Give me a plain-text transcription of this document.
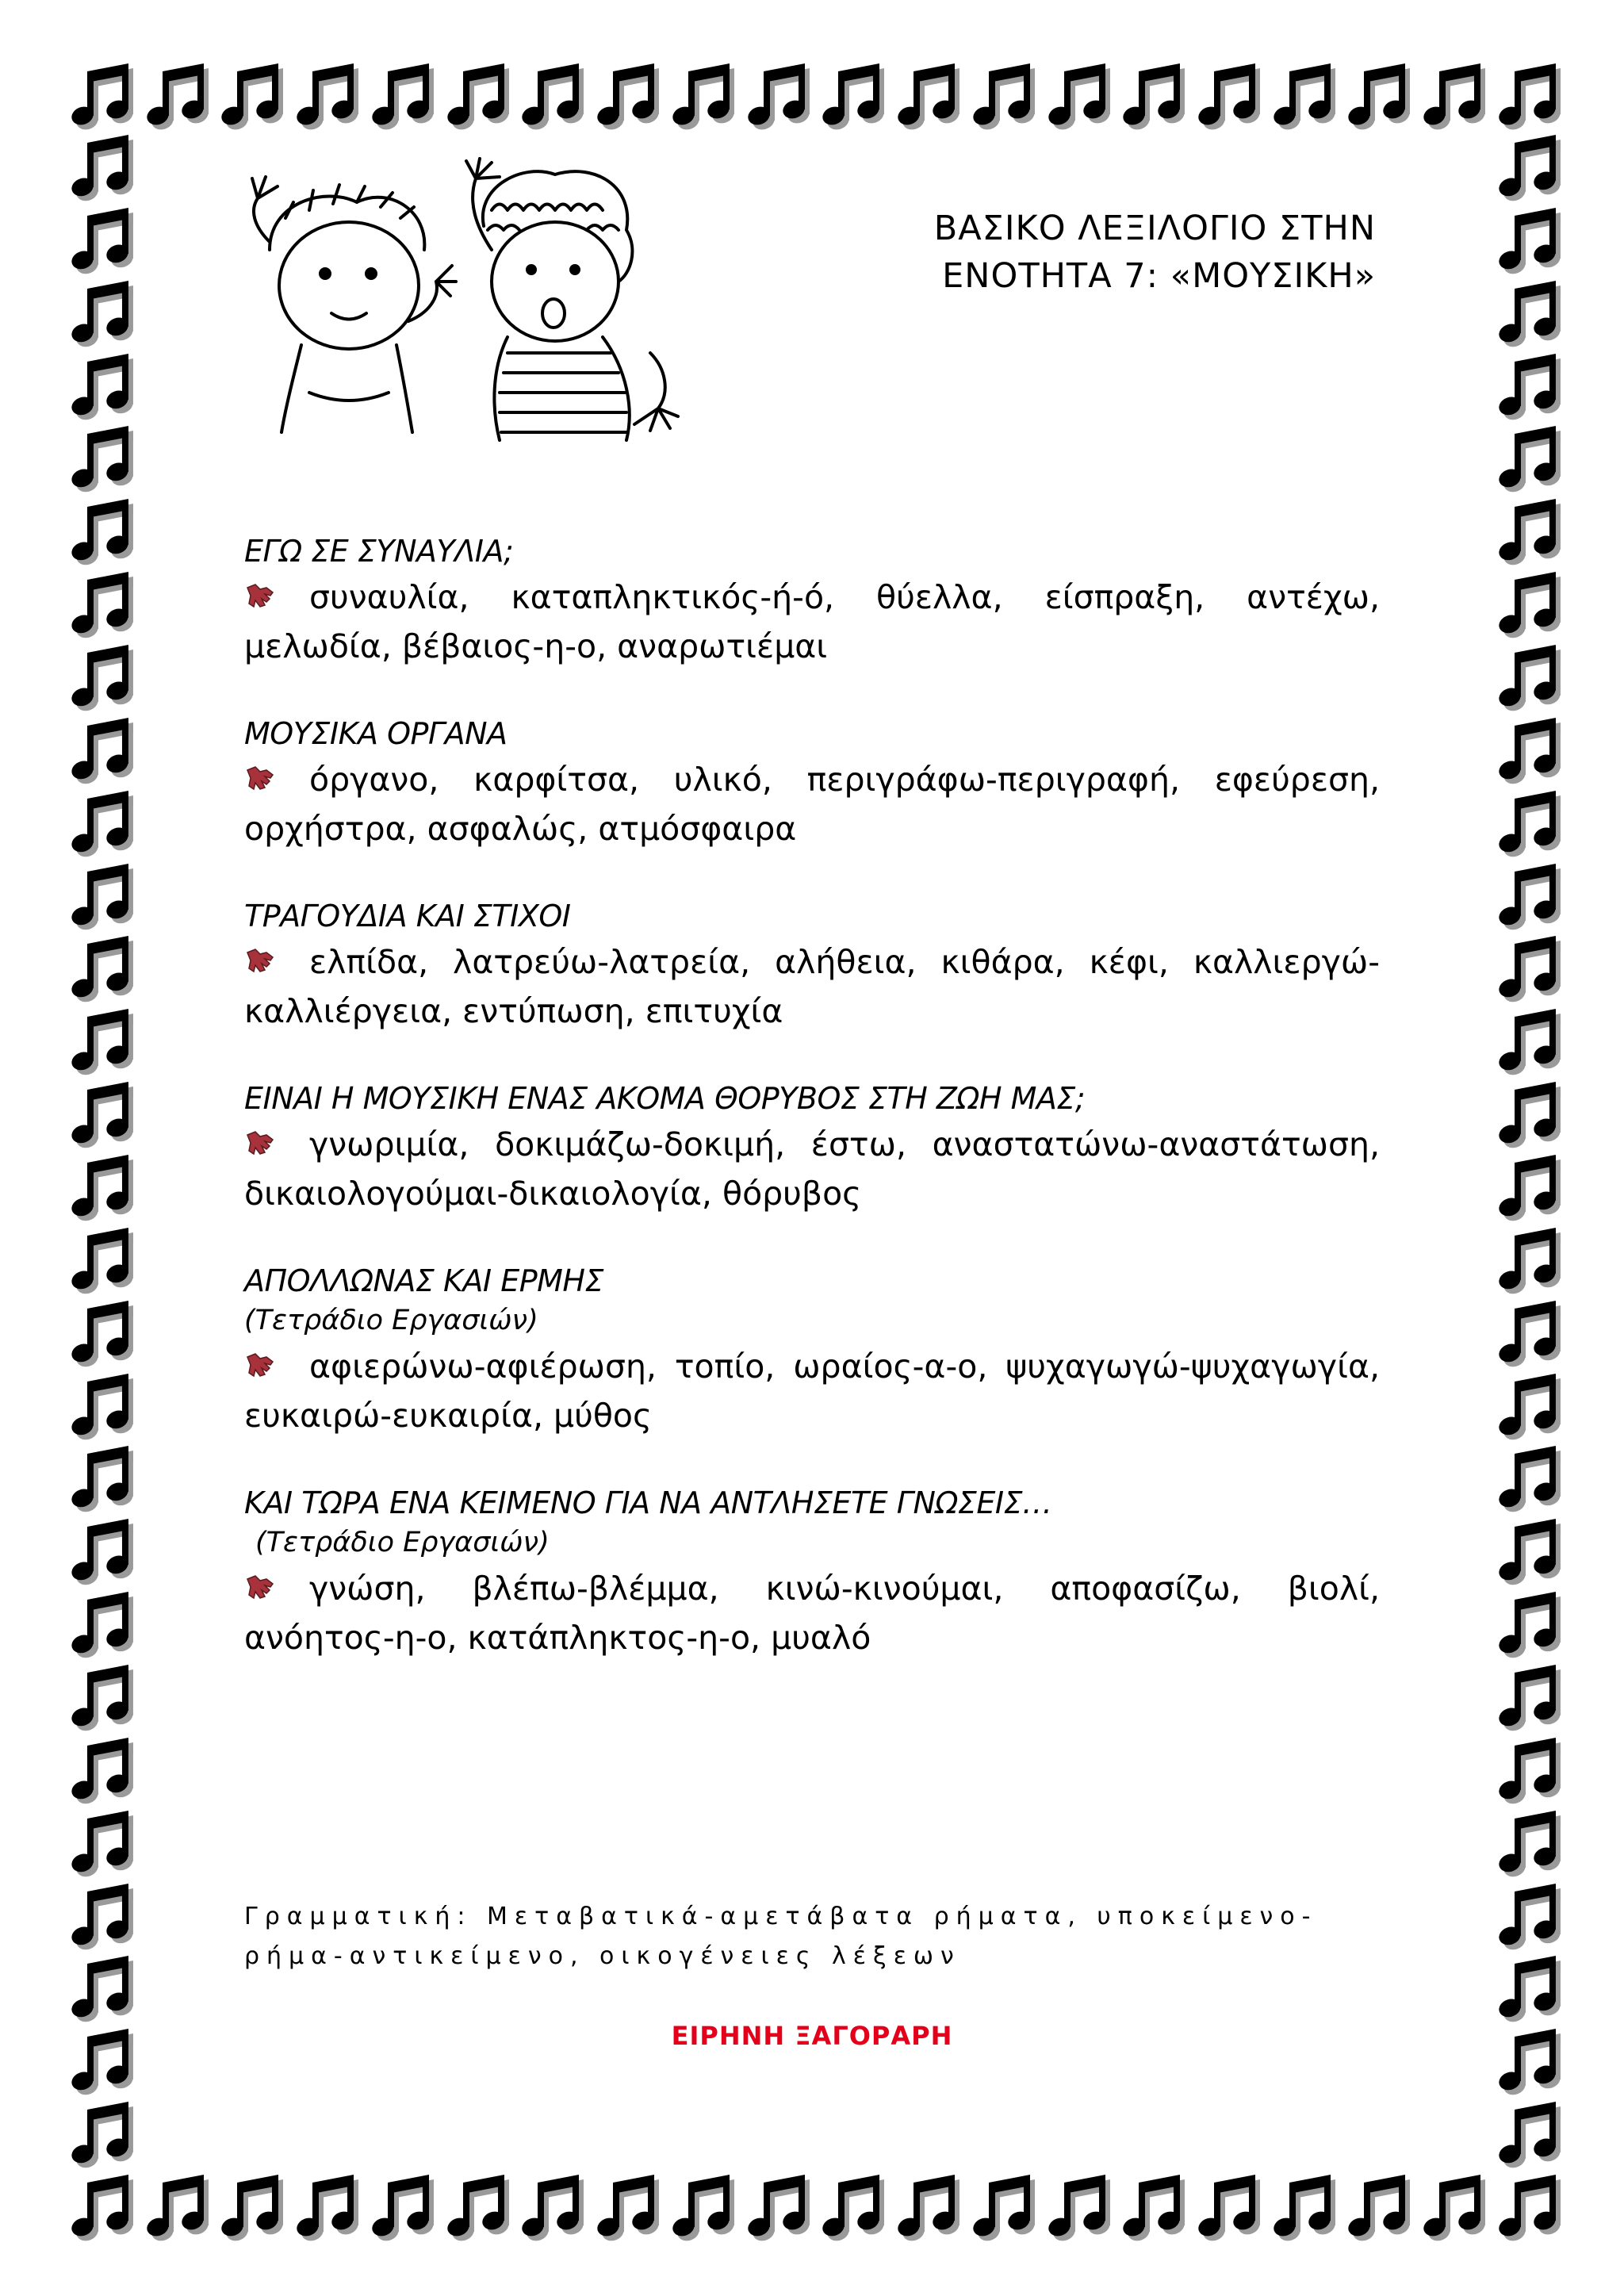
ΒΑΣΙΚΟ ΛΕΞΙΛΟΓΙΟ ΣΤΗΝ
ΕΝΟΤΗΤΑ 7: «ΜΟΥΣΙΚΗ»
ΕΓΩ ΣΕ ΣΥΝΑΥΛΙΑ;
συναυλία, καταπληκτικός-ή-ό, θύελλα, είσπραξη, αντέχω, μελωδία, βέβαιος-η-ο, αναρωτιέμαι
ΜΟΥΣΙΚΑ ΟΡΓΑΝΑ
όργανο, καρφίτσα, υλικό, περιγράφω-περιγραφή, εφεύρεση, ορχήστρα, ασφαλώς, ατμόσφαιρα
ΤΡΑΓΟΥΔΙΑ ΚΑΙ ΣΤΙΧΟΙ
ελπίδα, λατρεύω-λατρεία, αλήθεια, κιθάρα, κέφι, καλλιεργώ-καλλιέργεια, εντύπωση, επιτυχία
ΕΙΝΑΙ Η ΜΟΥΣΙΚΗ ΕΝΑΣ ΑΚΟΜΑ ΘΟΡΥΒΟΣ ΣΤΗ ΖΩΗ ΜΑΣ;
γνωριμία, δοκιμάζω-δοκιμή, έστω, αναστατώνω-αναστάτωση, δικαιολογούμαι-δικαιολογία, θόρυβος
ΑΠΟΛΛΩΝΑΣ ΚΑΙ ΕΡΜΗΣ
(Τετράδιο Εργασιών)
αφιερώνω-αφιέρωση, τοπίο, ωραίος-α-ο, ψυχαγωγώ-ψυχαγωγία, ευκαιρώ-ευκαιρία, μύθος
ΚΑΙ ΤΩΡΑ ΕΝΑ ΚΕΙΜΕΝΟ ΓΙΑ ΝΑ ΑΝΤΛΗΣΕΤΕ ΓΝΩΣΕΙΣ…
(Τετράδιο Εργασιών)
γνώση, βλέπω-βλέμμα, κινώ-κινούμαι, αποφασίζω, βιολί, ανόητος-η-ο, κατάπληκτος-η-ο, μυαλό
Γραμματική: Μεταβατικά-αμετάβατα ρήματα, υποκείμενο-ρήμα-αντικείμενο, οικογένειες λέξεων
ΕΙΡΗΝΗ ΞΑΓΟΡΑΡΗ
